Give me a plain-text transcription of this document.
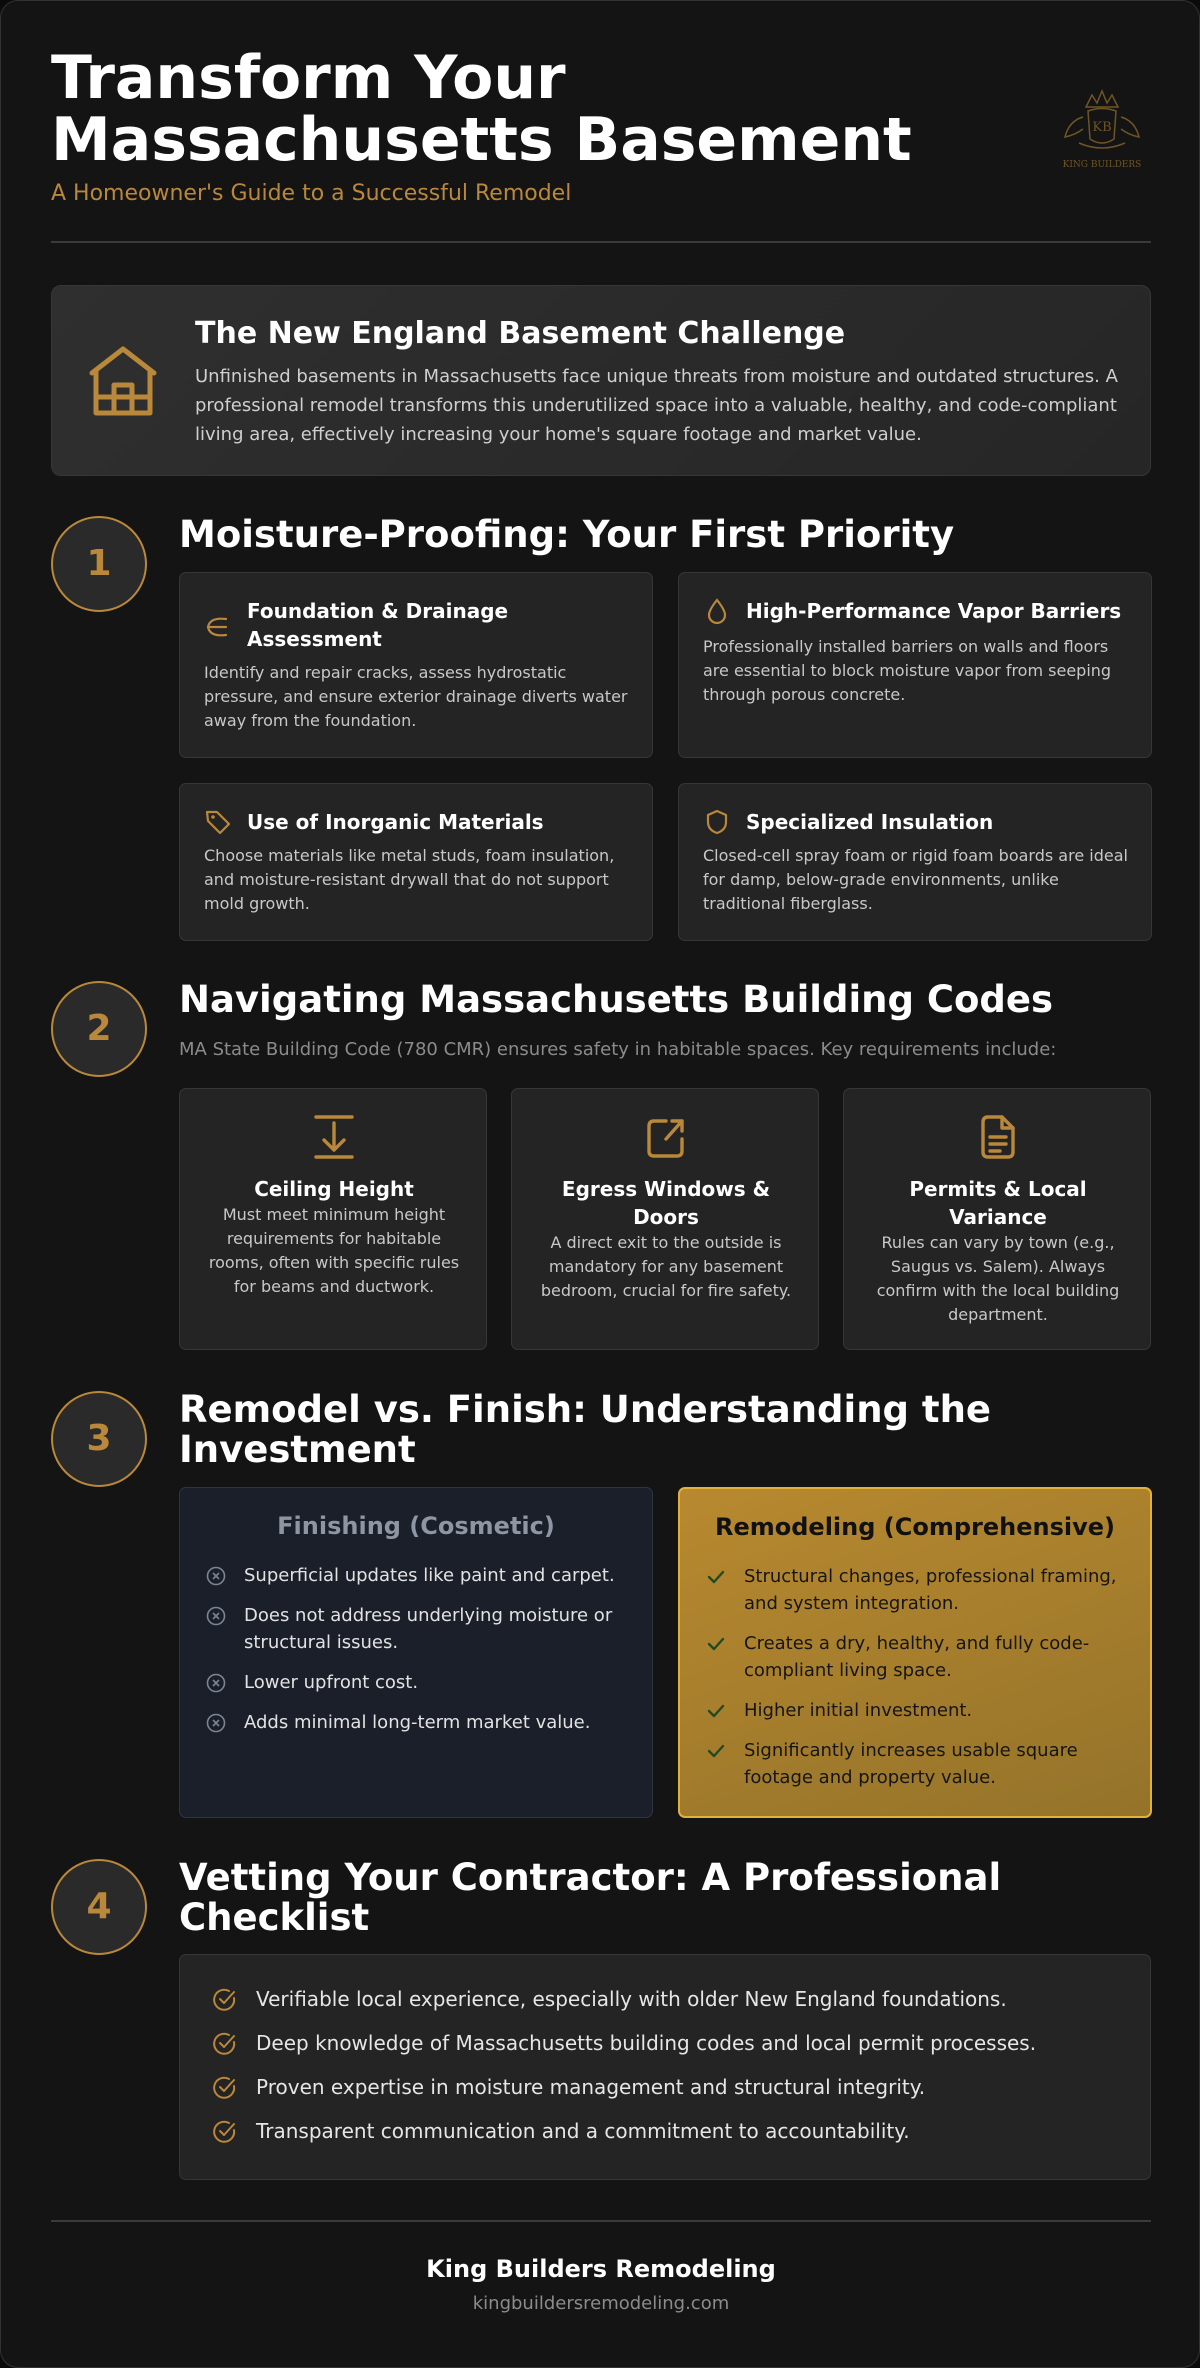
Transform Your Massachusetts Basement
A Homeowner's Guide to a Successful Remodel
KB
KING BUILDERS
The New England Basement Challenge

Unfinished basements in Massachusetts face unique threats from moisture and outdated structures. A professional remodel transforms this underutilized space into a valuable, healthy, and code-compliant living area, effectively increasing your home's square footage and market value.

1
Moisture-Proofing: Your First Priority
Foundation & Drainage Assessment

Identify and repair cracks, assess hydrostatic pressure, and ensure exterior drainage diverts water away from the foundation.

High-Performance Vapor Barriers

Professionally installed barriers on walls and floors are essential to block moisture vapor from seeping through porous concrete.

Use of Inorganic Materials

Choose materials like metal studs, foam insulation, and moisture-resistant drywall that do not support mold growth.

Specialized Insulation

Closed-cell spray foam or rigid foam boards are ideal for damp, below-grade environments, unlike traditional fiberglass.

2
Navigating Massachusetts Building Codes
MA State Building Code (780 CMR) ensures safety in habitable spaces. Key requirements include:
Ceiling Height

Must meet minimum height requirements for habitable rooms, often with specific rules for beams and ductwork.

Egress Windows & Doors

A direct exit to the outside is mandatory for any basement bedroom, crucial for fire safety.

Permits & Local Variance

Rules can vary by town (e.g., Saugus vs. Salem). Always confirm with the local building department.

3
Remodel vs. Finish: Understanding the Investment
Finishing (Cosmetic)
Superficial updates like paint and carpet.
Does not address underlying moisture or structural issues.
Lower upfront cost.
Adds minimal long-term market value.
Remodeling (Comprehensive)
Structural changes, professional framing, and system integration.
Creates a dry, healthy, and fully code-compliant living space.
Higher initial investment.
Significantly increases usable square footage and property value.
4
Vetting Your Contractor: A Professional Checklist
Verifiable local experience, especially with older New England foundations.
Deep knowledge of Massachusetts building codes and local permit processes.
Proven expertise in moisture management and structural integrity.
Transparent communication and a commitment to accountability.
King Builders Remodeling
kingbuildersremodeling.com
